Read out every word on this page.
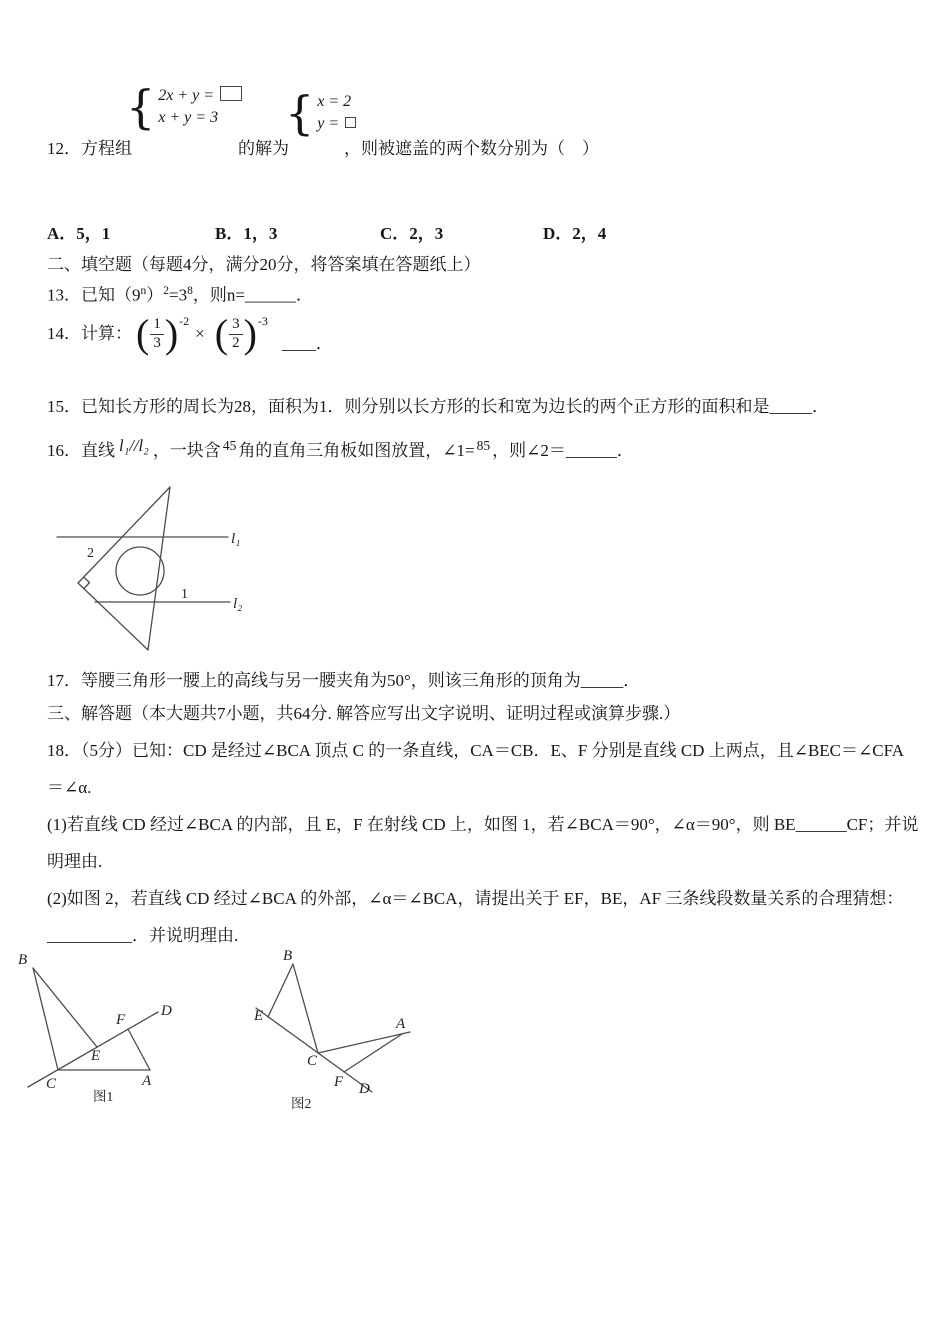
12．方程组
{ 2x + y =
x + y = 3
的解为
{ x = 2
y =
，则被遮盖的两个数分别为（　）
A．5，1	B．1，3	C．2，3	D．2，4
二、填空题（每题4分，满分20分，将答案填在答题纸上）
13．已知$(9^n)^2=3^8$，则n=______．
14． 计算： ( $\frac{1}{3}$ ) -2
× ( $\frac{3}{2}$ ) -3
____．
15．已知长方形的周长为28，面积为1．则分别以长方形的长和宽为边长的两个正方形的面积和是_____．
16．直线 l₁//l₂ ，一块含 $^{45}$ 角的直角三角板如图放置，∠1= $^{85}$ ，则∠2＝______．
l₁
l₂
2
1
17．等腰三角形一腰上的高线与另一腰夹角为50°，则该三角形的顶角为_____．
三、解答题（本大题共7小题，共64分. 解答应写出文字说明、证明过程或演算步骤.）
18．（5分）已知：CD 是经过∠BCA 顶点 C 的一条直线，CA＝CB．E、F 分别是直线 CD 上两点，且∠BEC＝∠CFA＝∠α.
(1)若直线 CD 经过∠BCA 的内部，且 E，F 在射线 CD 上，如图 1，若∠BCA＝90°，∠α＝90°，则 BE______CF；并说明理由.
(2)如图 2，若直线 CD 经过∠BCA 的外部，∠α＝∠BCA，请提出关于 EF，BE，AF 三条线段数量关系的合理猜想：__________．并说明理由.
B
C	A
E
F
D
图1
B
E
C
A
F D
图2
